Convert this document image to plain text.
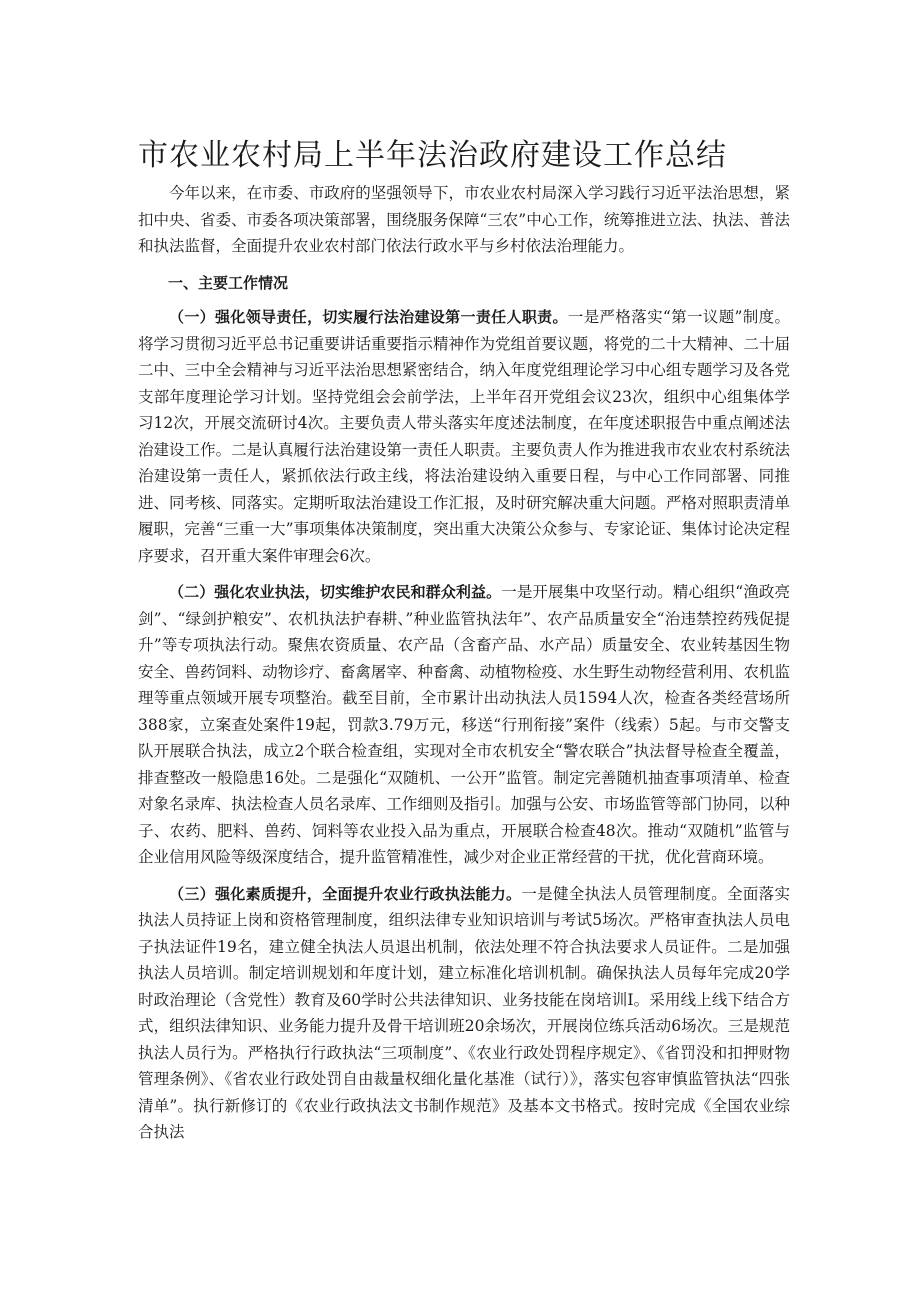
市农业农村局上半年法治政府建设工作总结

今年以来，在市委、市政府的坚强领导下，市农业农村局深入学习践行习近平法治思想，紧扣中央、省委、市委各项决策部署，围绕服务保障“三农”中心工作，统筹推进立法、执法、普法和执法监督，全面提升农业农村部门依法行政水平与乡村依法治理能力。

一、主要工作情况

（一）强化领导责任，切实履行法治建设第一责任人职责。一是严格落实“第一议题”制度。将学习贯彻习近平总书记重要讲话重要指示精神作为党组首要议题，将党的二十大精神、二十届二中、三中全会精神与习近平法治思想紧密结合，纳入年度党组理论学习中心组专题学习及各党支部年度理论学习计划。坚持党组会会前学法，上半年召开党组会议23次，组织中心组集体学习12次，开展交流研讨4次。主要负责人带头落实年度述法制度，在年度述职报告中重点阐述法治建设工作。二是认真履行法治建设第一责任人职责。主要负责人作为推进我市农业农村系统法治建设第一责任人，紧抓依法行政主线，将法治建设纳入重要日程，与中心工作同部署、同推进、同考核、同落实。定期听取法治建设工作汇报，及时研究解决重大问题。严格对照职责清单履职，完善“三重一大”事项集体决策制度，突出重大决策公众参与、专家论证、集体讨论决定程序要求，召开重大案件审理会6次。

（二）强化农业执法，切实维护农民和群众利益。一是开展集中攻坚行动。精心组织“渔政亮剑”、“绿剑护粮安”、农机执法护春耕、”种业监管执法年”、农产品质量安全“治违禁控药残促提升”等专项执法行动。聚焦农资质量、农产品（含畜产品、水产品）质量安全、农业转基因生物安全、兽药饲料、动物诊疗、畜禽屠宰、种畜禽、动植物检疫、水生野生动物经营利用、农机监理等重点领域开展专项整治。截至目前，全市累计出动执法人员1594人次，检查各类经营场所388家，立案查处案件19起，罚款3.79万元，移送“行刑衔接”案件（线索）5起。与市交警支队开展联合执法，成立2个联合检查组，实现对全市农机安全“警农联合”执法督导检查全覆盖，排查整改一般隐患16处。二是强化“双随机、一公开”监管。制定完善随机抽查事项清单、检查对象名录库、执法检查人员名录库、工作细则及指引。加强与公安、市场监管等部门协同，以种子、农药、肥料、兽药、饲料等农业投入品为重点，开展联合检查48次。推动“双随机”监管与企业信用风险等级深度结合，提升监管精准性，减少对企业正常经营的干扰，优化营商环境。

（三）强化素质提升，全面提升农业行政执法能力。一是健全执法人员管理制度。全面落实执法人员持证上岗和资格管理制度，组织法律专业知识培训与考试5场次。严格审查执法人员电子执法证件19名，建立健全执法人员退出机制，依法处理不符合执法要求人员证件。二是加强执法人员培训。制定培训规划和年度计划，建立标准化培训机制。确保执法人员每年完成20学时政治理论（含党性）教育及60学时公共法律知识、业务技能在岗培训I。采用线上线下结合方式，组织法律知识、业务能力提升及骨干培训班20余场次，开展岗位练兵活动6场次。三是规范执法人员行为。严格执行行政执法“三项制度”、《农业行政处罚程序规定》、《省罚没和扣押财物管理条例》、《省农业行政处罚自由裁量权细化量化基准（试行）》，落实包容审慎监管执法“四张清单”。执行新修订的《农业行政执法文书制作规范》及基本文书格式。按时完成《全国农业综合执法
